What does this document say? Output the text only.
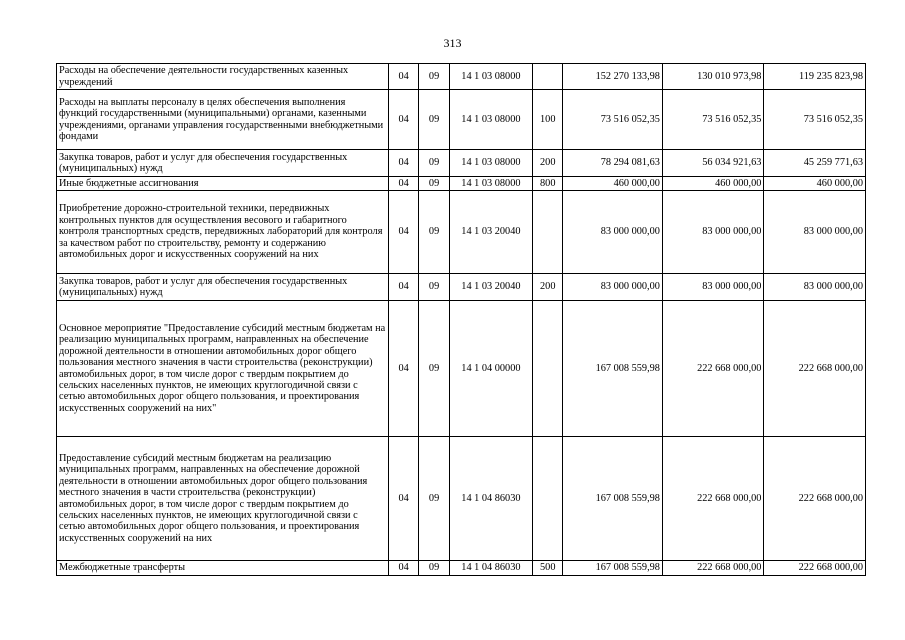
313
Расходы на обеспечение деятельности государственных казенных учреждений	04	09	14 1 03 08000		152 270 133,98	130 010 973,98	119 235 823,98
Расходы на выплаты персоналу в целях обеспечения выполнения функций государственными (муниципальными) органами, казенными учреждениями, органами управления государственными внебюджетными фондами	04	09	14 1 03 08000	100	73 516 052,35	73 516 052,35	73 516 052,35
Закупка товаров, работ и услуг для обеспечения государственных (муниципальных) нужд	04	09	14 1 03 08000	200	78 294 081,63	56 034 921,63	45 259 771,63
Иные бюджетные ассигнования	04	09	14 1 03 08000	800	460 000,00	460 000,00	460 000,00
Приобретение дорожно-строительной техники, передвижных контрольных пунктов для осуществления весового и габаритного контроля транспортных средств, передвижных лабораторий для контроля за качеством работ по строительству, ремонту и содержанию автомобильных дорог и искусственных сооружений на них	04	09	14 1 03 20040		83 000 000,00	83 000 000,00	83 000 000,00
Закупка товаров, работ и услуг для обеспечения государственных (муниципальных) нужд	04	09	14 1 03 20040	200	83 000 000,00	83 000 000,00	83 000 000,00
Основное мероприятие "Предоставление субсидий местным бюджетам на реализацию муниципальных программ, направленных на обеспечение дорожной деятельности в отношении автомобильных дорог общего пользования местного значения в части строительства (реконструкции) автомобильных дорог, в том числе дорог с твердым покрытием до сельских населенных пунктов, не имеющих круглогодичной связи с сетью автомобильных дорог общего пользования, и проектирования искусственных сооружений на них"	04	09	14 1 04 00000		167 008 559,98	222 668 000,00	222 668 000,00
Предоставление субсидий местным бюджетам на реализацию муниципальных программ, направленных на обеспечение дорожной деятельности в отношении автомобильных дорог общего пользования местного значения в части строительства (реконструкции) автомобильных дорог, в том числе дорог с твердым покрытием до сельских населенных пунктов, не имеющих круглогодичной связи с сетью автомобильных дорог общего пользования, и проектирования искусственных сооружений на них	04	09	14 1 04 86030		167 008 559,98	222 668 000,00	222 668 000,00
Межбюджетные трансферты	04	09	14 1 04 86030	500	167 008 559,98	222 668 000,00	222 668 000,00
